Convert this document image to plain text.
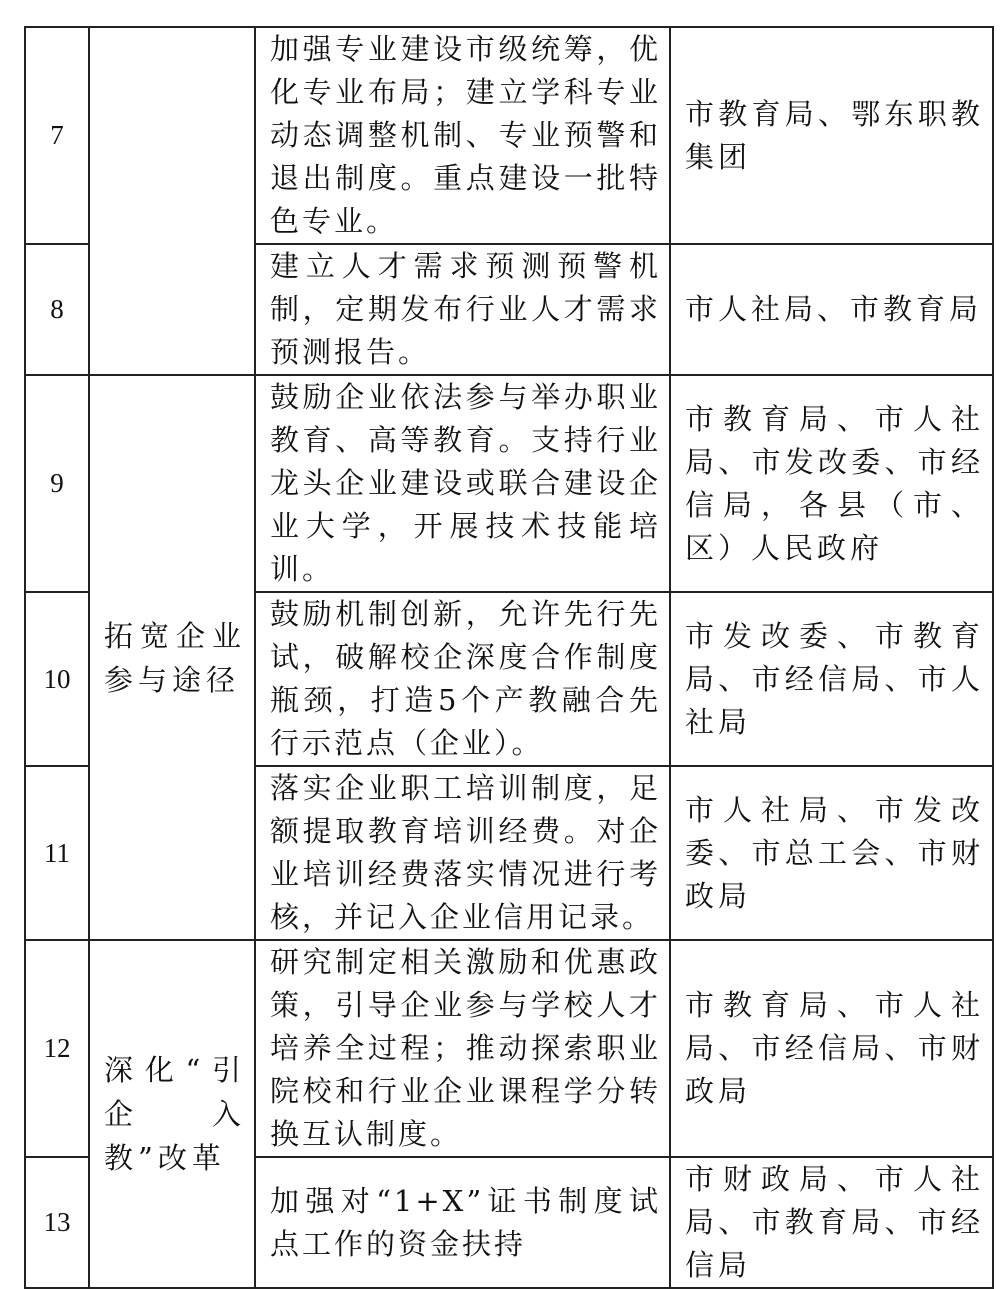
7		加强专业建设市级统筹，优化专业布局；建立学科专业动态调整机制、专业预警和退出制度。重点建设一批特色专业。	市教育局、鄂东职教集团
8		建立人才需求预测预警机制，定期发布行业人才需求预测报告。	市人社局、市教育局
9	拓宽企业参与途径	鼓励企业依法参与举办职业教育、高等教育。支持行业龙头企业建设或联合建设企业大学，开展技术技能培训。	市教育局、市人社局、市发改委、市经信局，各县（市、区）人民政府
10		鼓励机制创新，允许先行先试，破解校企深度合作制度瓶颈，打造5个产教融合先行示范点（企业）。	市发改委、市教育局、市经信局、市人社局
11		落实企业职工培训制度，足额提取教育培训经费。对企业培训经费落实情况进行考核，并记入企业信用记录。	市人社局、市发改委、市总工会、市财政局
12	深化“引企入教”改革	研究制定相关激励和优惠政策，引导企业参与学校人才培养全过程；推动探索职业院校和行业企业课程学分转换互认制度。	市教育局、市人社局、市经信局、市财政局
13		加强对“1+X”证书制度试点工作的资金扶持	市财政局、市人社局、市教育局、市经信局
